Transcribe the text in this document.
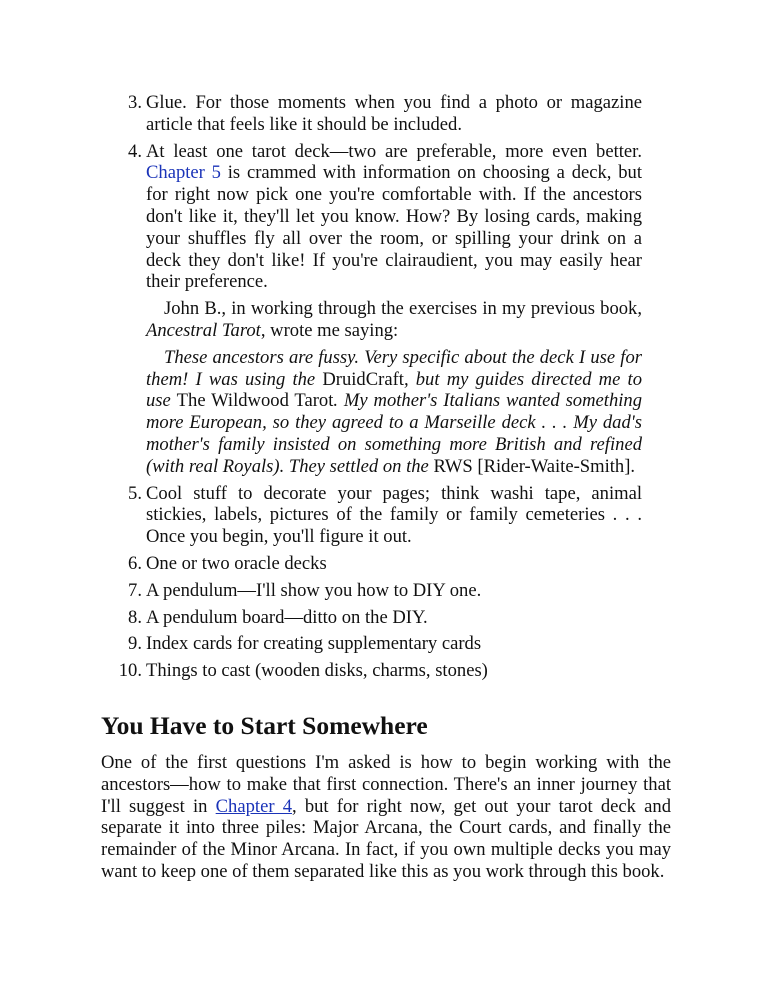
3. Glue. For those moments when you find a photo or magazine article that feels like it should be included.
4. At least one tarot deck—two are preferable, more even better. Chapter 5 is crammed with information on choosing a deck, but for right now pick one you're comfortable with. If the ancestors don't like it, they'll let you know. How? By losing cards, making your shuffles fly all over the room, or spilling your drink on a deck they don't like! If you're clairaudient, you may easily hear their preference.
John B., in working through the exercises in my previous book, Ancestral Tarot, wrote me saying:
These ancestors are fussy. Very specific about the deck I use for them! I was using the DruidCraft, but my guides directed me to use The Wildwood Tarot. My mother's Italians wanted something more European, so they agreed to a Marseille deck . . . My dad's mother's family insisted on something more British and refined (with real Royals). They settled on the RWS [Rider-Waite-Smith].
5. Cool stuff to decorate your pages; think washi tape, animal stickies, labels, pictures of the family or family cemeteries . . . Once you begin, you'll figure it out.
6. One or two oracle decks
7. A pendulum—I'll show you how to DIY one.
8. A pendulum board—ditto on the DIY.
9. Index cards for creating supplementary cards
10. Things to cast (wooden disks, charms, stones)
You Have to Start Somewhere

One of the first questions I'm asked is how to begin working with the ancestors—how to make that first connection. There's an inner journey that I'll suggest in Chapter 4, but for right now, get out your tarot deck and separate it into three piles: Major Arcana, the Court cards, and finally the remainder of the Minor Arcana. In fact, if you own multiple decks you may want to keep one of them separated like this as you work through this book.
